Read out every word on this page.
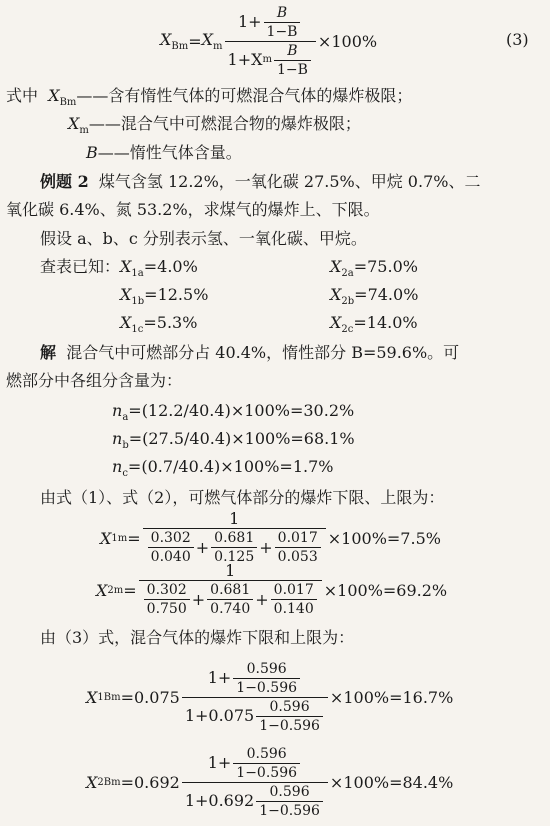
$X_{Bm} = X_m \frac{1+ \frac{B}{1-B}}{1+X m \frac{B}{1-B}} \times 100\%$	(3)
式中 $X_{Bm}——$含有惰性气体的可燃混合气体的爆炸极限；
$X_m——$混合气中可燃混合物的爆炸极限；
B——惰性气体含量。
例题 2 煤气含氢 12.2%，一氧化碳 27.5%、甲烷 0.7%、二
氧化碳 6.4%、氮 53.2%，求煤气的爆炸上、下限。
假设 a、b、c 分别表示氢、一氧化碳、甲烷。
查表已知：$X_{1a}=4.0\%$	$X_{2a}=75.0\%$
$X_{1b}=12.5\%$	$X_{2b}=74.0\%$
$X_{1c}=5.3\%$	$X_{2c}=14.0\%$
解 混合气中可燃部分占 40.4%，惰性部分 B=59.6%。可
燃部分中各组分含量为：
$n_a=(12.2/40.4)\times 100\%=30.2\%$
$n_b=(27.5/40.4)\times 100\%=68.1\%$
$n_c=(0.7/40.4)\times 100\%=1.7\%$
由式（1）、式（2），可燃气体部分的爆炸下限、上限为：
X $1m = \frac{1}{\frac{0.302}{0.040} + \frac{0.681}{0.125} + \frac{0.017}{0.053}} \times 100\%=7.5\%$
X $2m = \frac{1}{\frac{0.302}{0.750} + \frac{0.681}{0.740} + \frac{0.017}{0.140}} \times 100\%=69.2\%$
由（3）式，混合气体的爆炸下限和上限为：
X $1Bm =0.075 \frac{1+ \frac{0.596}{1-0.596}}{1+0.075 \frac{0.596}{1-0.596}} \times 100\%=16.7\%$
X $2Bm =0.692 \frac{1+ \frac{0.596}{1-0.596}}{1+0.692 \frac{0.596}{1-0.596}} \times 100\%=84.4\%$
